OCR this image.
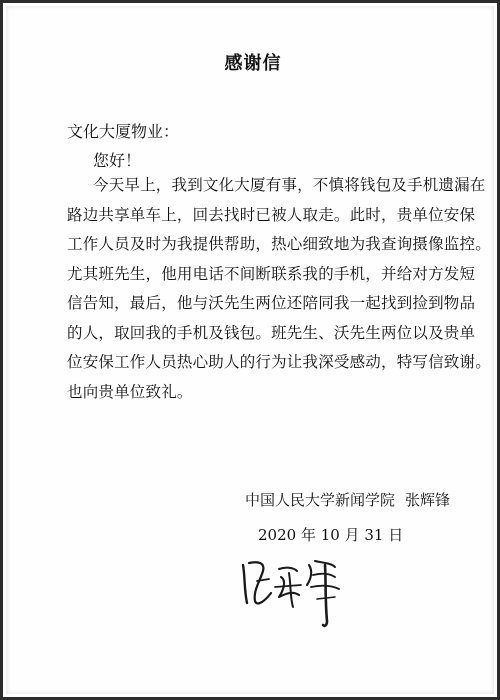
感谢信
文化大厦物业：
您好！
今天早上，我到文化大厦有事，不慎将钱包及手机遗漏在
路边共享单车上，回去找时已被人取走。此时，贵单位安保
工作人员及时为我提供帮助，热心细致地为我查询摄像监控。
尤其班先生，他用电话不间断联系我的手机，并给对方发短
信告知，最后，他与沃先生两位还陪同我一起找到捡到物品
的人，取回我的手机及钱包。班先生、沃先生两位以及贵单
位安保工作人员热心助人的行为让我深受感动，特写信致谢。
也向贵单位致礼。
中国人民大学新闻学院 张辉锋
2020 年 10 月 31 日
